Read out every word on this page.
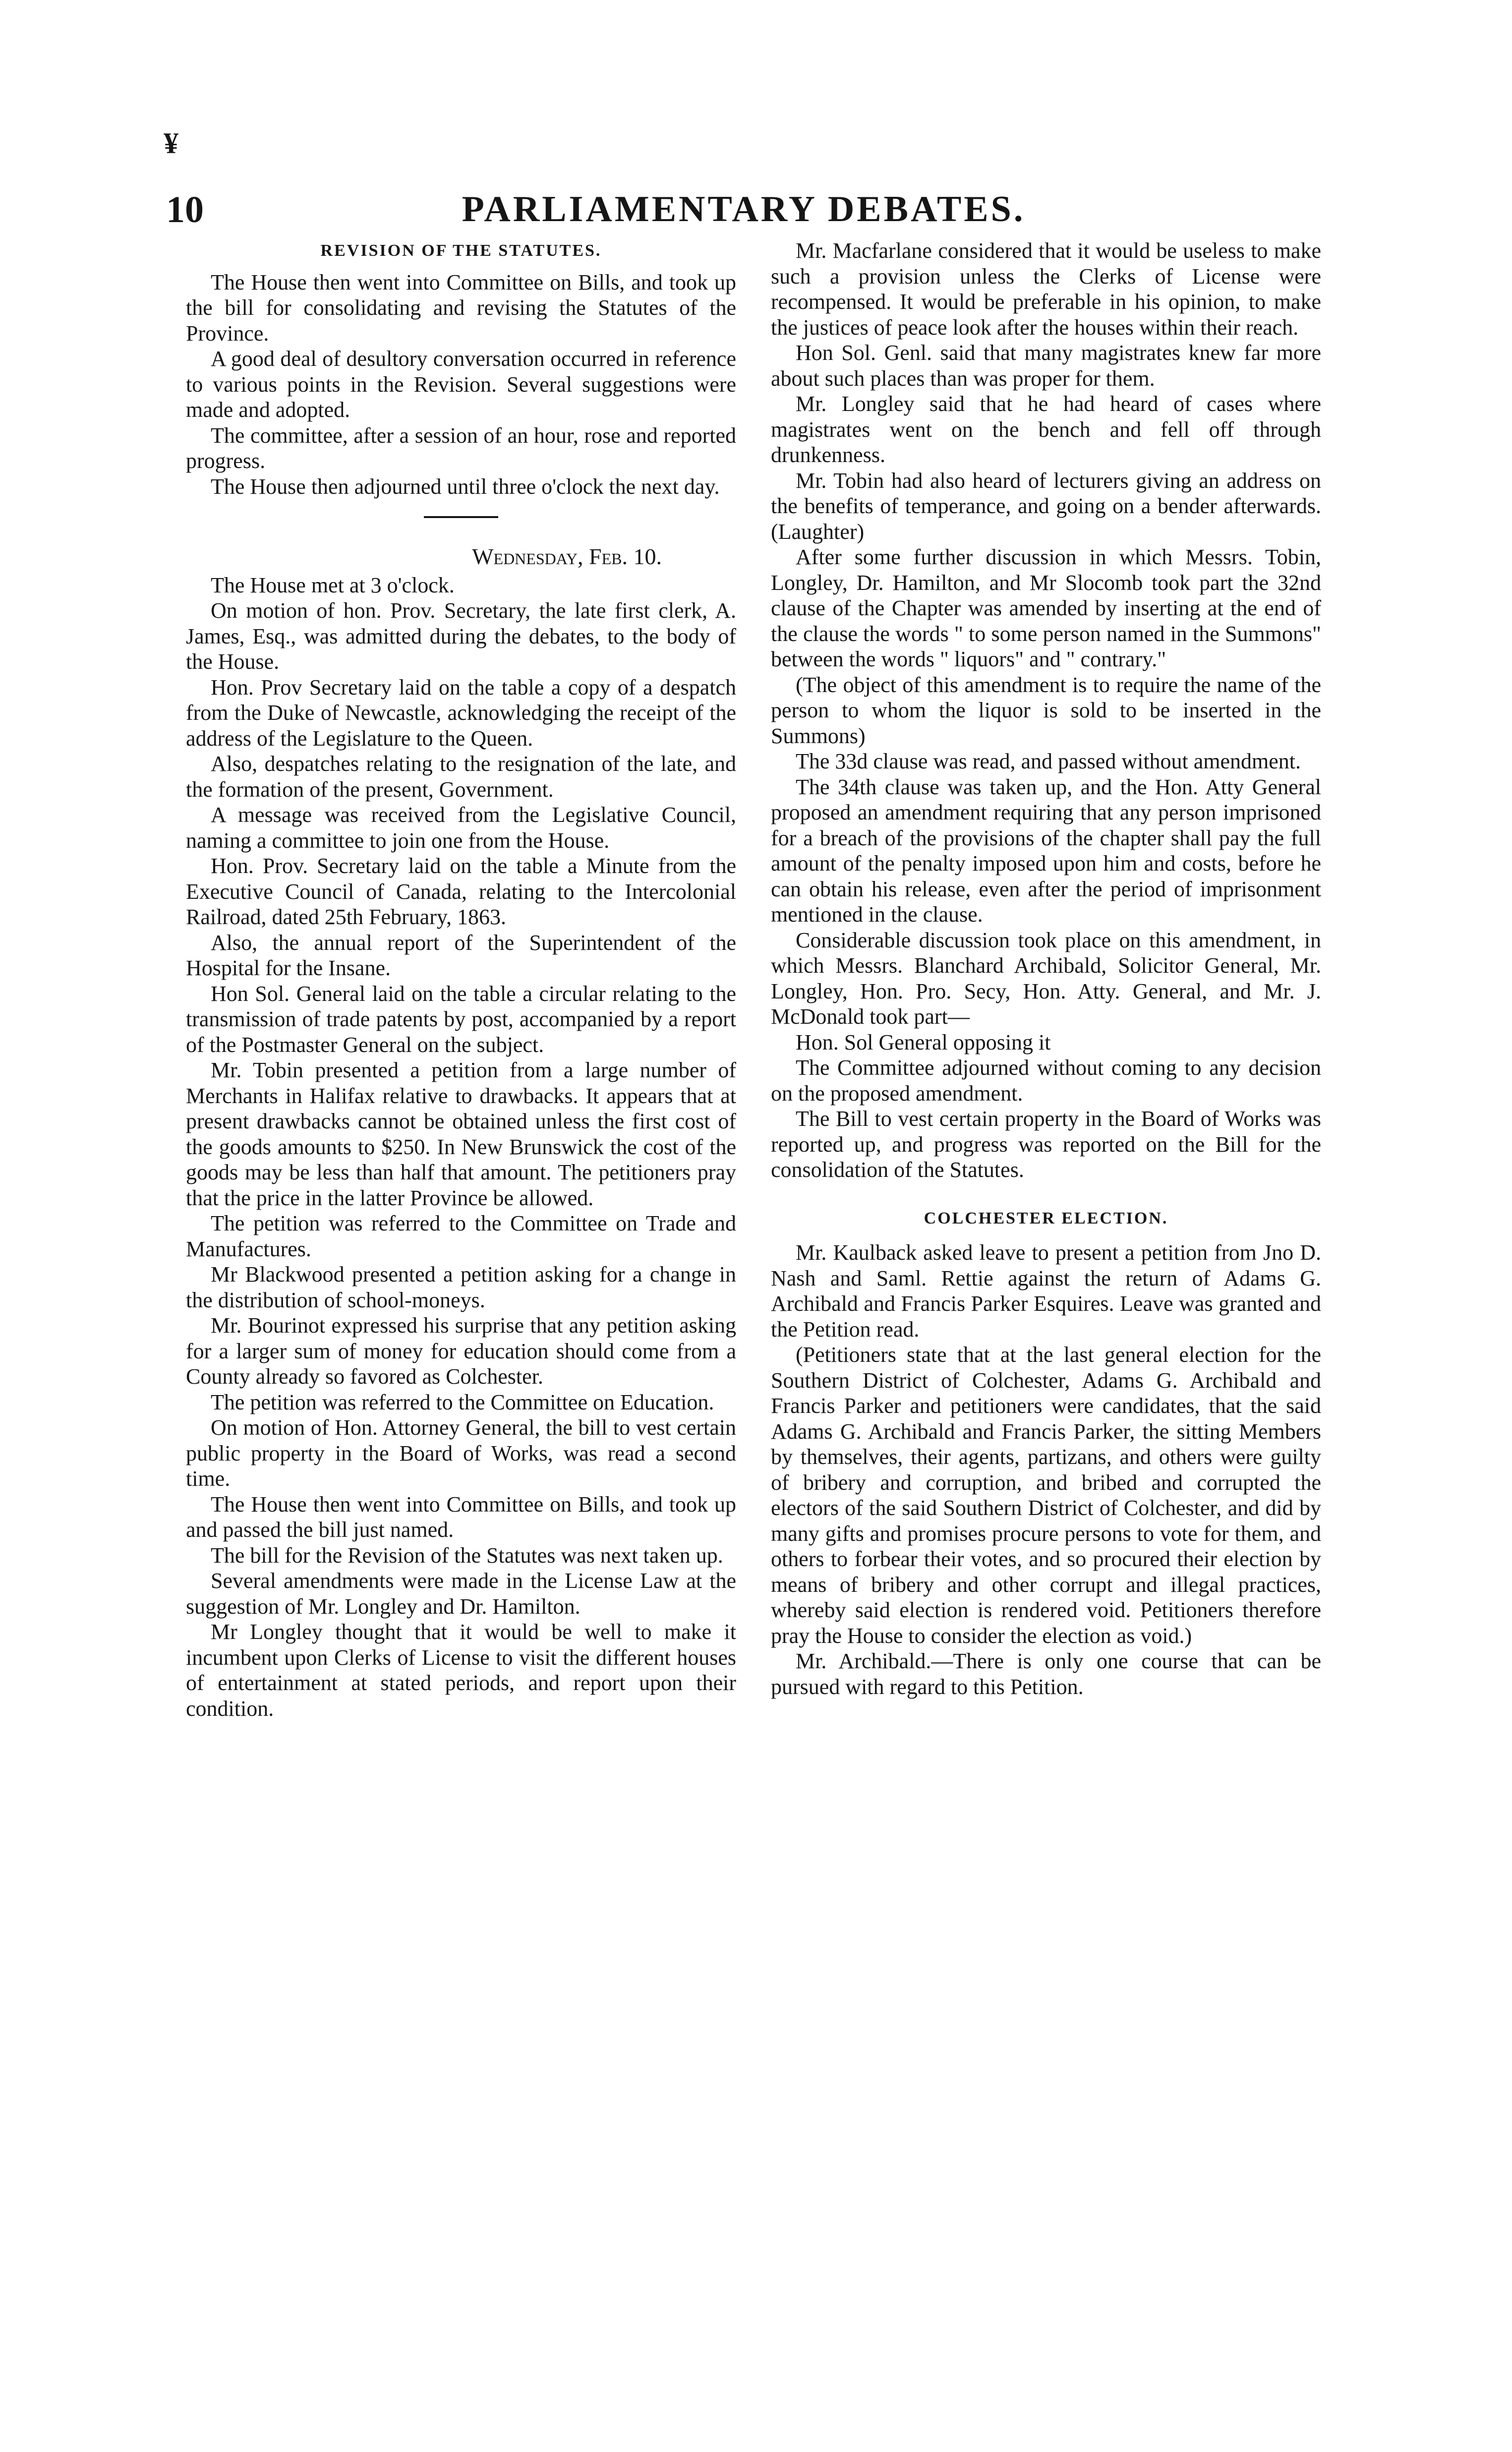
¥
10	PARLIAMENTARY DEBATES.

REVISION OF THE STATUTES.

The House then went into Committee on Bills, and took up the bill for consolidating and revising the Statutes of the Province.

A good deal of desultory conversation occurred in reference to various points in the Revision. Several suggestions were made and adopted.

The committee, after a session of an hour, rose and reported progress.

The House then adjourned until three o'clock the next day.

Wednesday, Feb. 10.

The House met at 3 o'clock.

On motion of hon. Prov. Secretary, the late first clerk, A. James, Esq., was admitted during the debates, to the body of the House.

Hon. Prov Secretary laid on the table a copy of a despatch from the Duke of Newcastle, acknowledging the receipt of the address of the Legislature to the Queen.

Also, despatches relating to the resignation of the late, and the formation of the present, Government.

A message was received from the Legislative Council, naming a committee to join one from the House.

Hon. Prov. Secretary laid on the table a Minute from the Executive Council of Canada, relating to the Intercolonial Railroad, dated 25th February, 1863.

Also, the annual report of the Superintendent of the Hospital for the Insane.

Hon Sol. General laid on the table a circular relating to the transmission of trade patents by post, accompanied by a report of the Postmaster General on the subject.

Mr. Tobin presented a petition from a large number of Merchants in Halifax relative to drawbacks. It appears that at present drawbacks cannot be obtained unless the first cost of the goods amounts to $250. In New Brunswick the cost of the goods may be less than half that amount. The petitioners pray that the price in the latter Province be allowed.

The petition was referred to the Committee on Trade and Manufactures.

Mr Blackwood presented a petition asking for a change in the distribution of school-moneys.

Mr. Bourinot expressed his surprise that any petition asking for a larger sum of money for education should come from a County already so favored as Colchester.

The petition was referred to the Committee on Education.

On motion of Hon. Attorney General, the bill to vest certain public property in the Board of Works, was read a second time.

The House then went into Committee on Bills, and took up and passed the bill just named.

The bill for the Revision of the Statutes was next taken up.

Several amendments were made in the License Law at the suggestion of Mr. Longley and Dr. Hamilton.

Mr Longley thought that it would be well to make it incumbent upon Clerks of License to visit the different houses of entertainment at stated periods, and report upon their condition.

Mr. Macfarlane considered that it would be useless to make such a provision unless the Clerks of License were recompensed. It would be preferable in his opinion, to make the justices of peace look after the houses within their reach.

Hon Sol. Genl. said that many magistrates knew far more about such places than was proper for them.

Mr. Longley said that he had heard of cases where magistrates went on the bench and fell off through drunkenness.

Mr. Tobin had also heard of lecturers giving an address on the benefits of temperance, and going on a bender afterwards. (Laughter)

After some further discussion in which Messrs. Tobin, Longley, Dr. Hamilton, and Mr Slocomb took part the 32nd clause of the Chapter was amended by inserting at the end of the clause the words " to some person named in the Summons" between the words " liquors" and " contrary."

(The object of this amendment is to require the name of the person to whom the liquor is sold to be inserted in the Summons)

The 33d clause was read, and passed without amendment.

The 34th clause was taken up, and the Hon. Atty General proposed an amendment requiring that any person imprisoned for a breach of the provisions of the chapter shall pay the full amount of the penalty imposed upon him and costs, before he can obtain his release, even after the period of imprisonment mentioned in the clause.

Considerable discussion took place on this amendment, in which Messrs. Blanchard Archibald, Solicitor General, Mr. Longley, Hon. Pro. Secy, Hon. Atty. General, and Mr. J. McDonald took part—

Hon. Sol General opposing it

The Committee adjourned without coming to any decision on the proposed amendment.

The Bill to vest certain property in the Board of Works was reported up, and progress was reported on the Bill for the consolidation of the Statutes.

COLCHESTER ELECTION.

Mr. Kaulback asked leave to present a petition from Jno D. Nash and Saml. Rettie against the return of Adams G. Archibald and Francis Parker Esquires. Leave was granted and the Petition read.

(Petitioners state that at the last general election for the Southern District of Colchester, Adams G. Archibald and Francis Parker and petitioners were candidates, that the said Adams G. Archibald and Francis Parker, the sitting Members by themselves, their agents, partizans, and others were guilty of bribery and corruption, and bribed and corrupted the electors of the said Southern District of Colchester, and did by many gifts and promises procure persons to vote for them, and others to forbear their votes, and so procured their election by means of bribery and other corrupt and illegal practices, whereby said election is rendered void. Petitioners therefore pray the House to consider the election as void.)

Mr. Archibald.—There is only one course that can be pursued with regard to this Petition.
